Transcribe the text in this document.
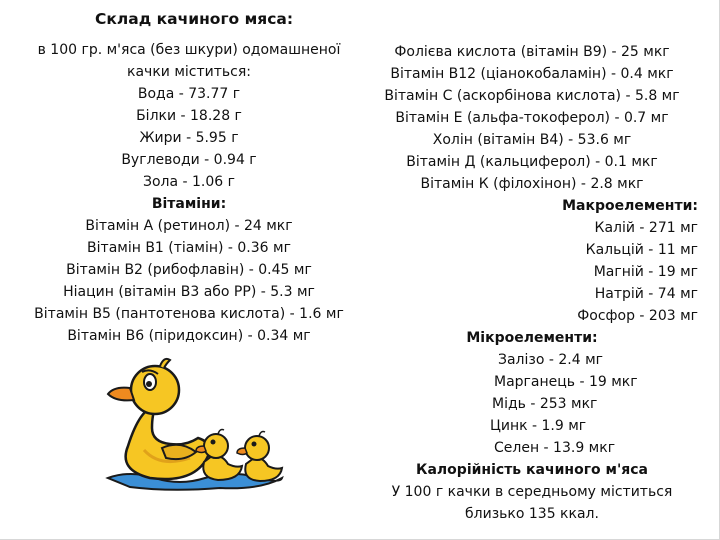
Склад качиного мяса:
в 100 гр. м'яса (без шкури) одомашненої
качки міститься:
Вода - 73.77 г
Білки - 18.28 г
Жири - 5.95 г
Вуглеводи - 0.94 г
Зола - 1.06 г
Вітаміни:
Вітамін А (ретинол) - 24 мкг
Вітамін В1 (тіамін) - 0.36 мг
Вітамін В2 (рибофлавін) - 0.45 мг
Ніацин (вітамін В3 або PP) - 5.3 мг
Вітамін В5 (пантотенова кислота) - 1.6 мг
Вітамін В6 (піридоксин) - 0.34 мг
Фолієва кислота (вітамін В9) - 25 мкг
Вітамін В12 (ціанокобаламін) - 0.4 мкг
Вітамін С (аскорбінова кислота) - 5.8 мг
Вітамін Е (альфа-токоферол) - 0.7 мг
Холін (вітамін В4) - 53.6 мг
Вітамін Д (кальциферол) - 0.1 мкг
Вітамін К (філохінон) - 2.8 мкг
Макроелементи:
Калій - 271 мг
Кальцій - 11 мг
Магній - 19 мг
Натрій - 74 мг
Фосфор - 203 мг
Мікроелементи:
Залізо - 2.4 мг
Марганець - 19 мкг
Мідь - 253 мкг
Цинк - 1.9 мг
Селен - 13.9 мкг
Калорійність качиного м'яса
У 100 г качки в середньому міститься
близько 135 ккал.
